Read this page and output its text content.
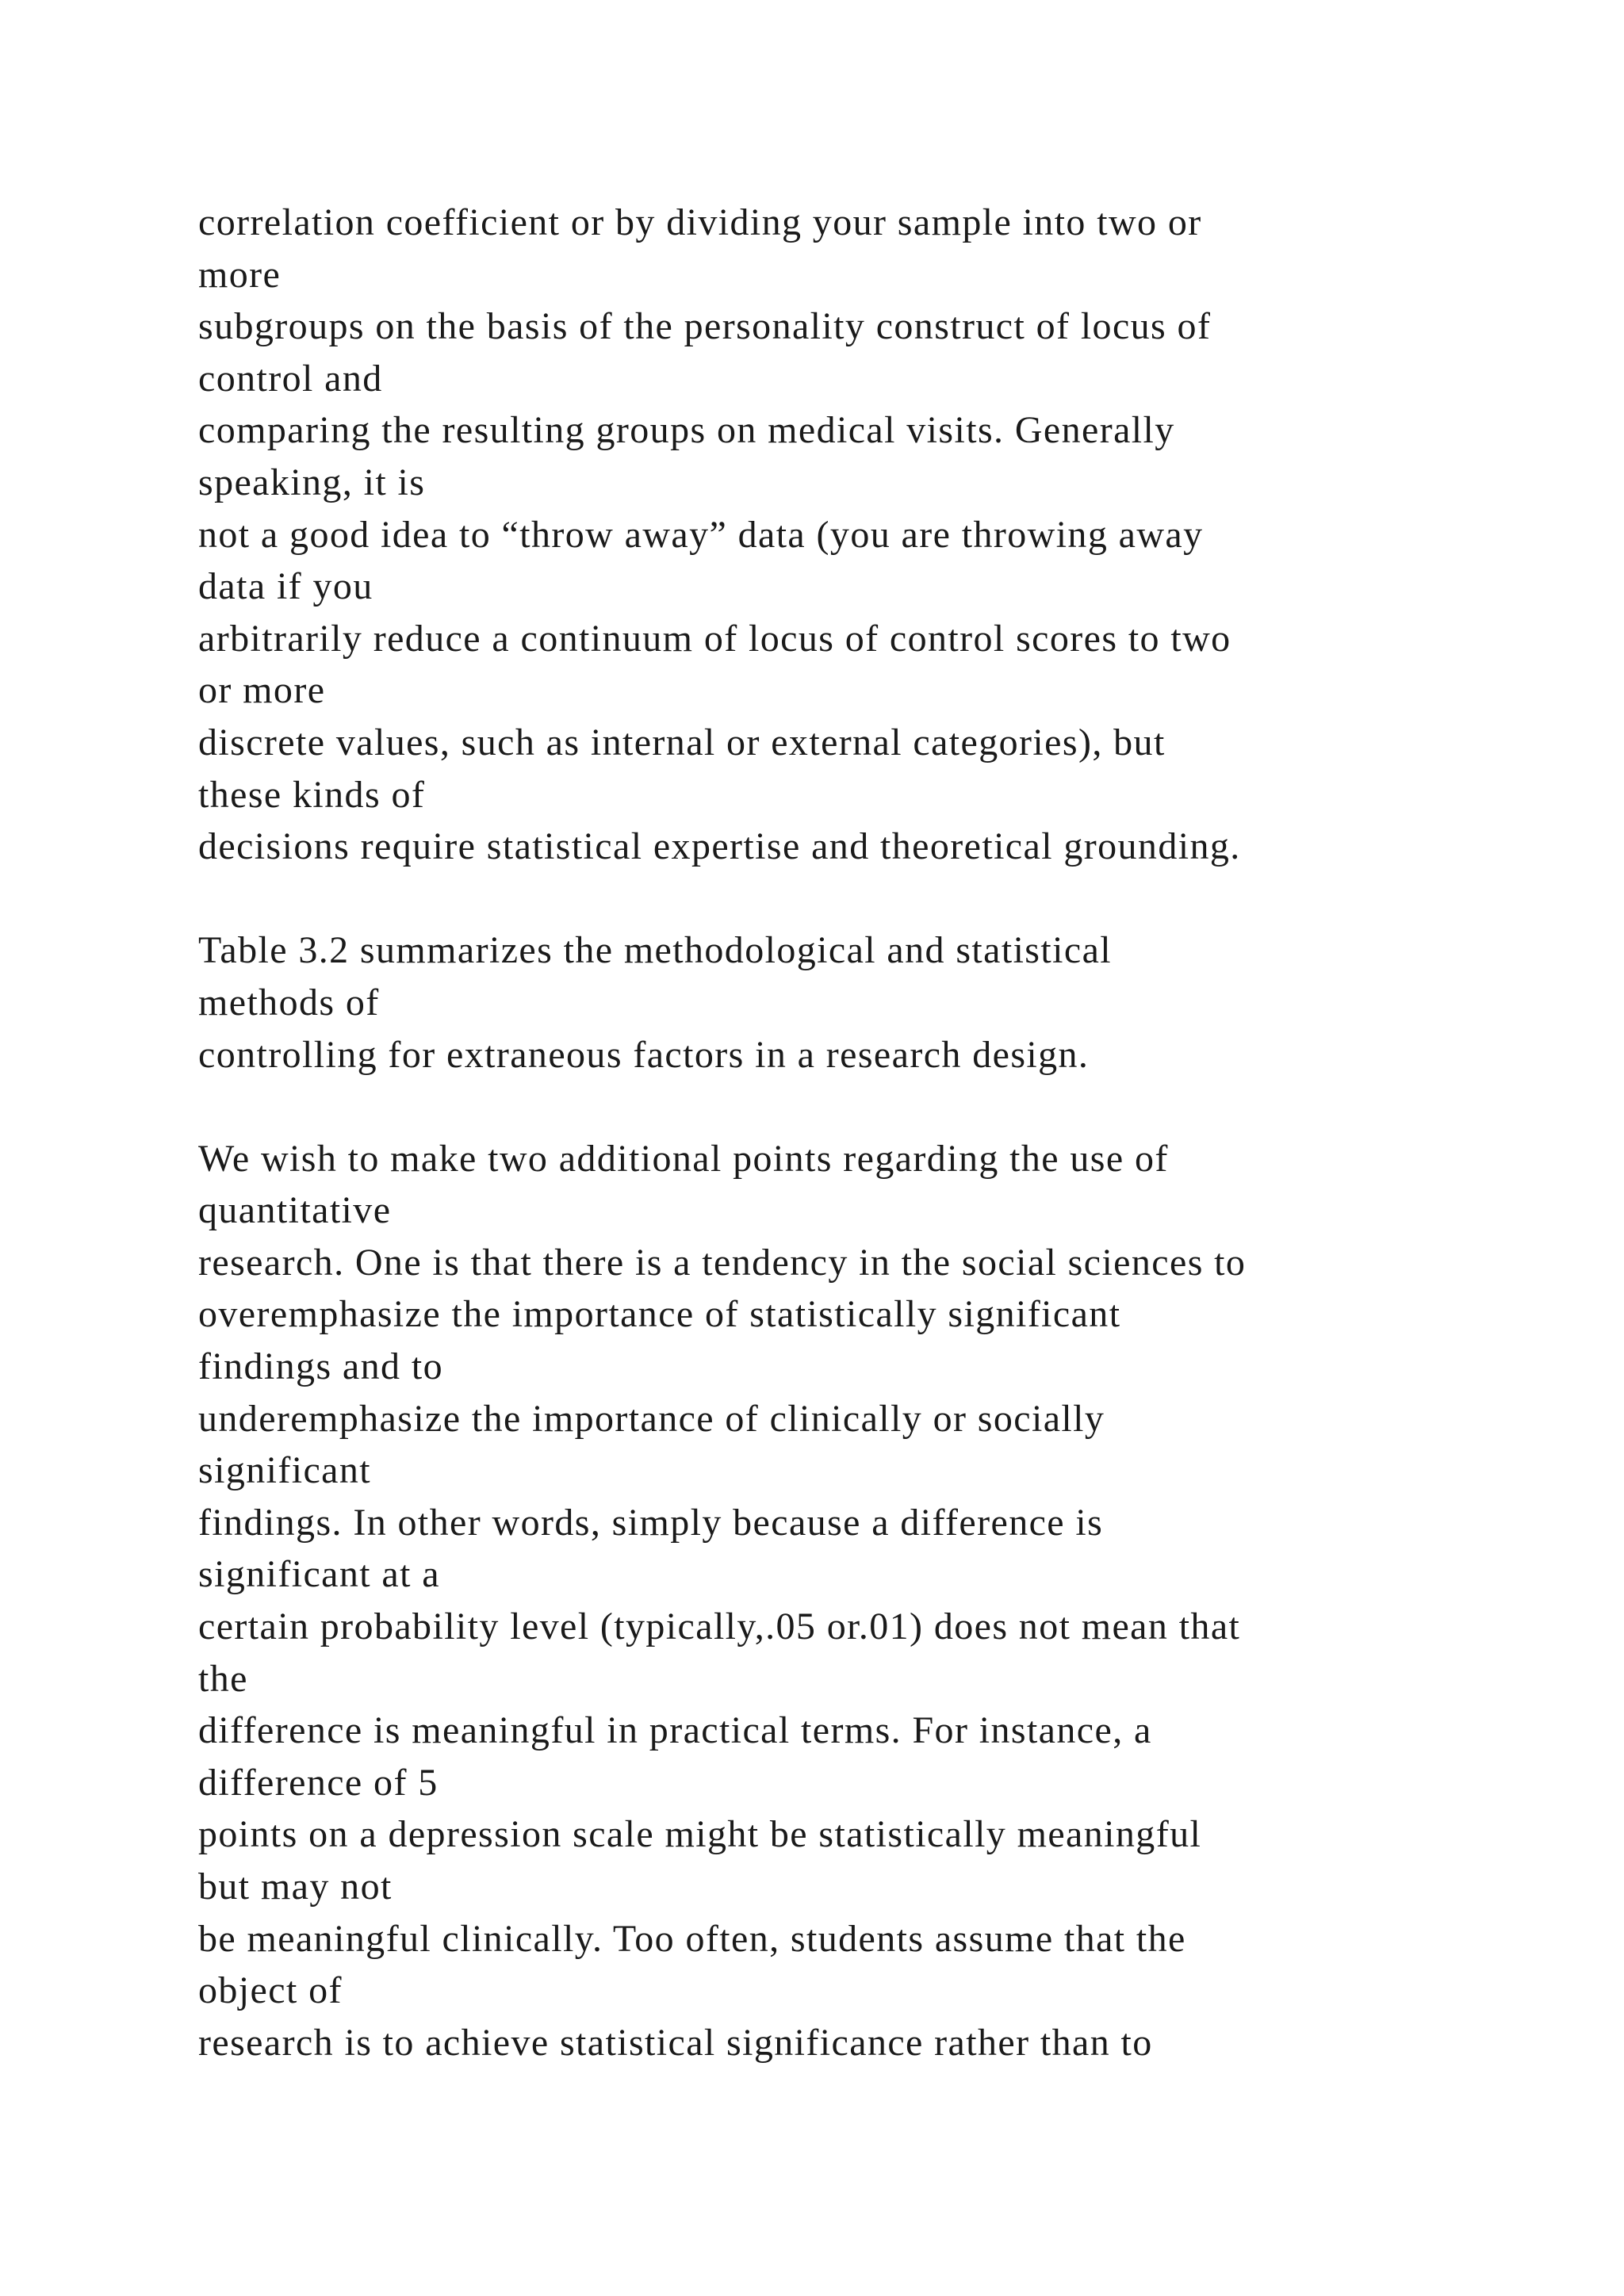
correlation coefficient or by dividing your sample into two or
more
subgroups on the basis of the personality construct of locus of
control and
comparing the resulting groups on medical visits. Generally
speaking, it is
not a good idea to “throw away” data (you are throwing away
data if you
arbitrarily reduce a continuum of locus of control scores to two
or more
discrete values, such as internal or external categories), but
these kinds of
decisions require statistical expertise and theoretical grounding.
Table 3.2 summarizes the methodological and statistical
methods of
controlling for extraneous factors in a research design.
We wish to make two additional points regarding the use of
quantitative
research. One is that there is a tendency in the social sciences to
overemphasize the importance of statistically significant
findings and to
underemphasize the importance of clinically or socially
significant
findings. In other words, simply because a difference is
significant at a
certain probability level (typically,.05 or.01) does not mean that
the
difference is meaningful in practical terms. For instance, a
difference of 5
points on a depression scale might be statistically meaningful
but may not
be meaningful clinically. Too often, students assume that the
object of
research is to achieve statistical significance rather than to
